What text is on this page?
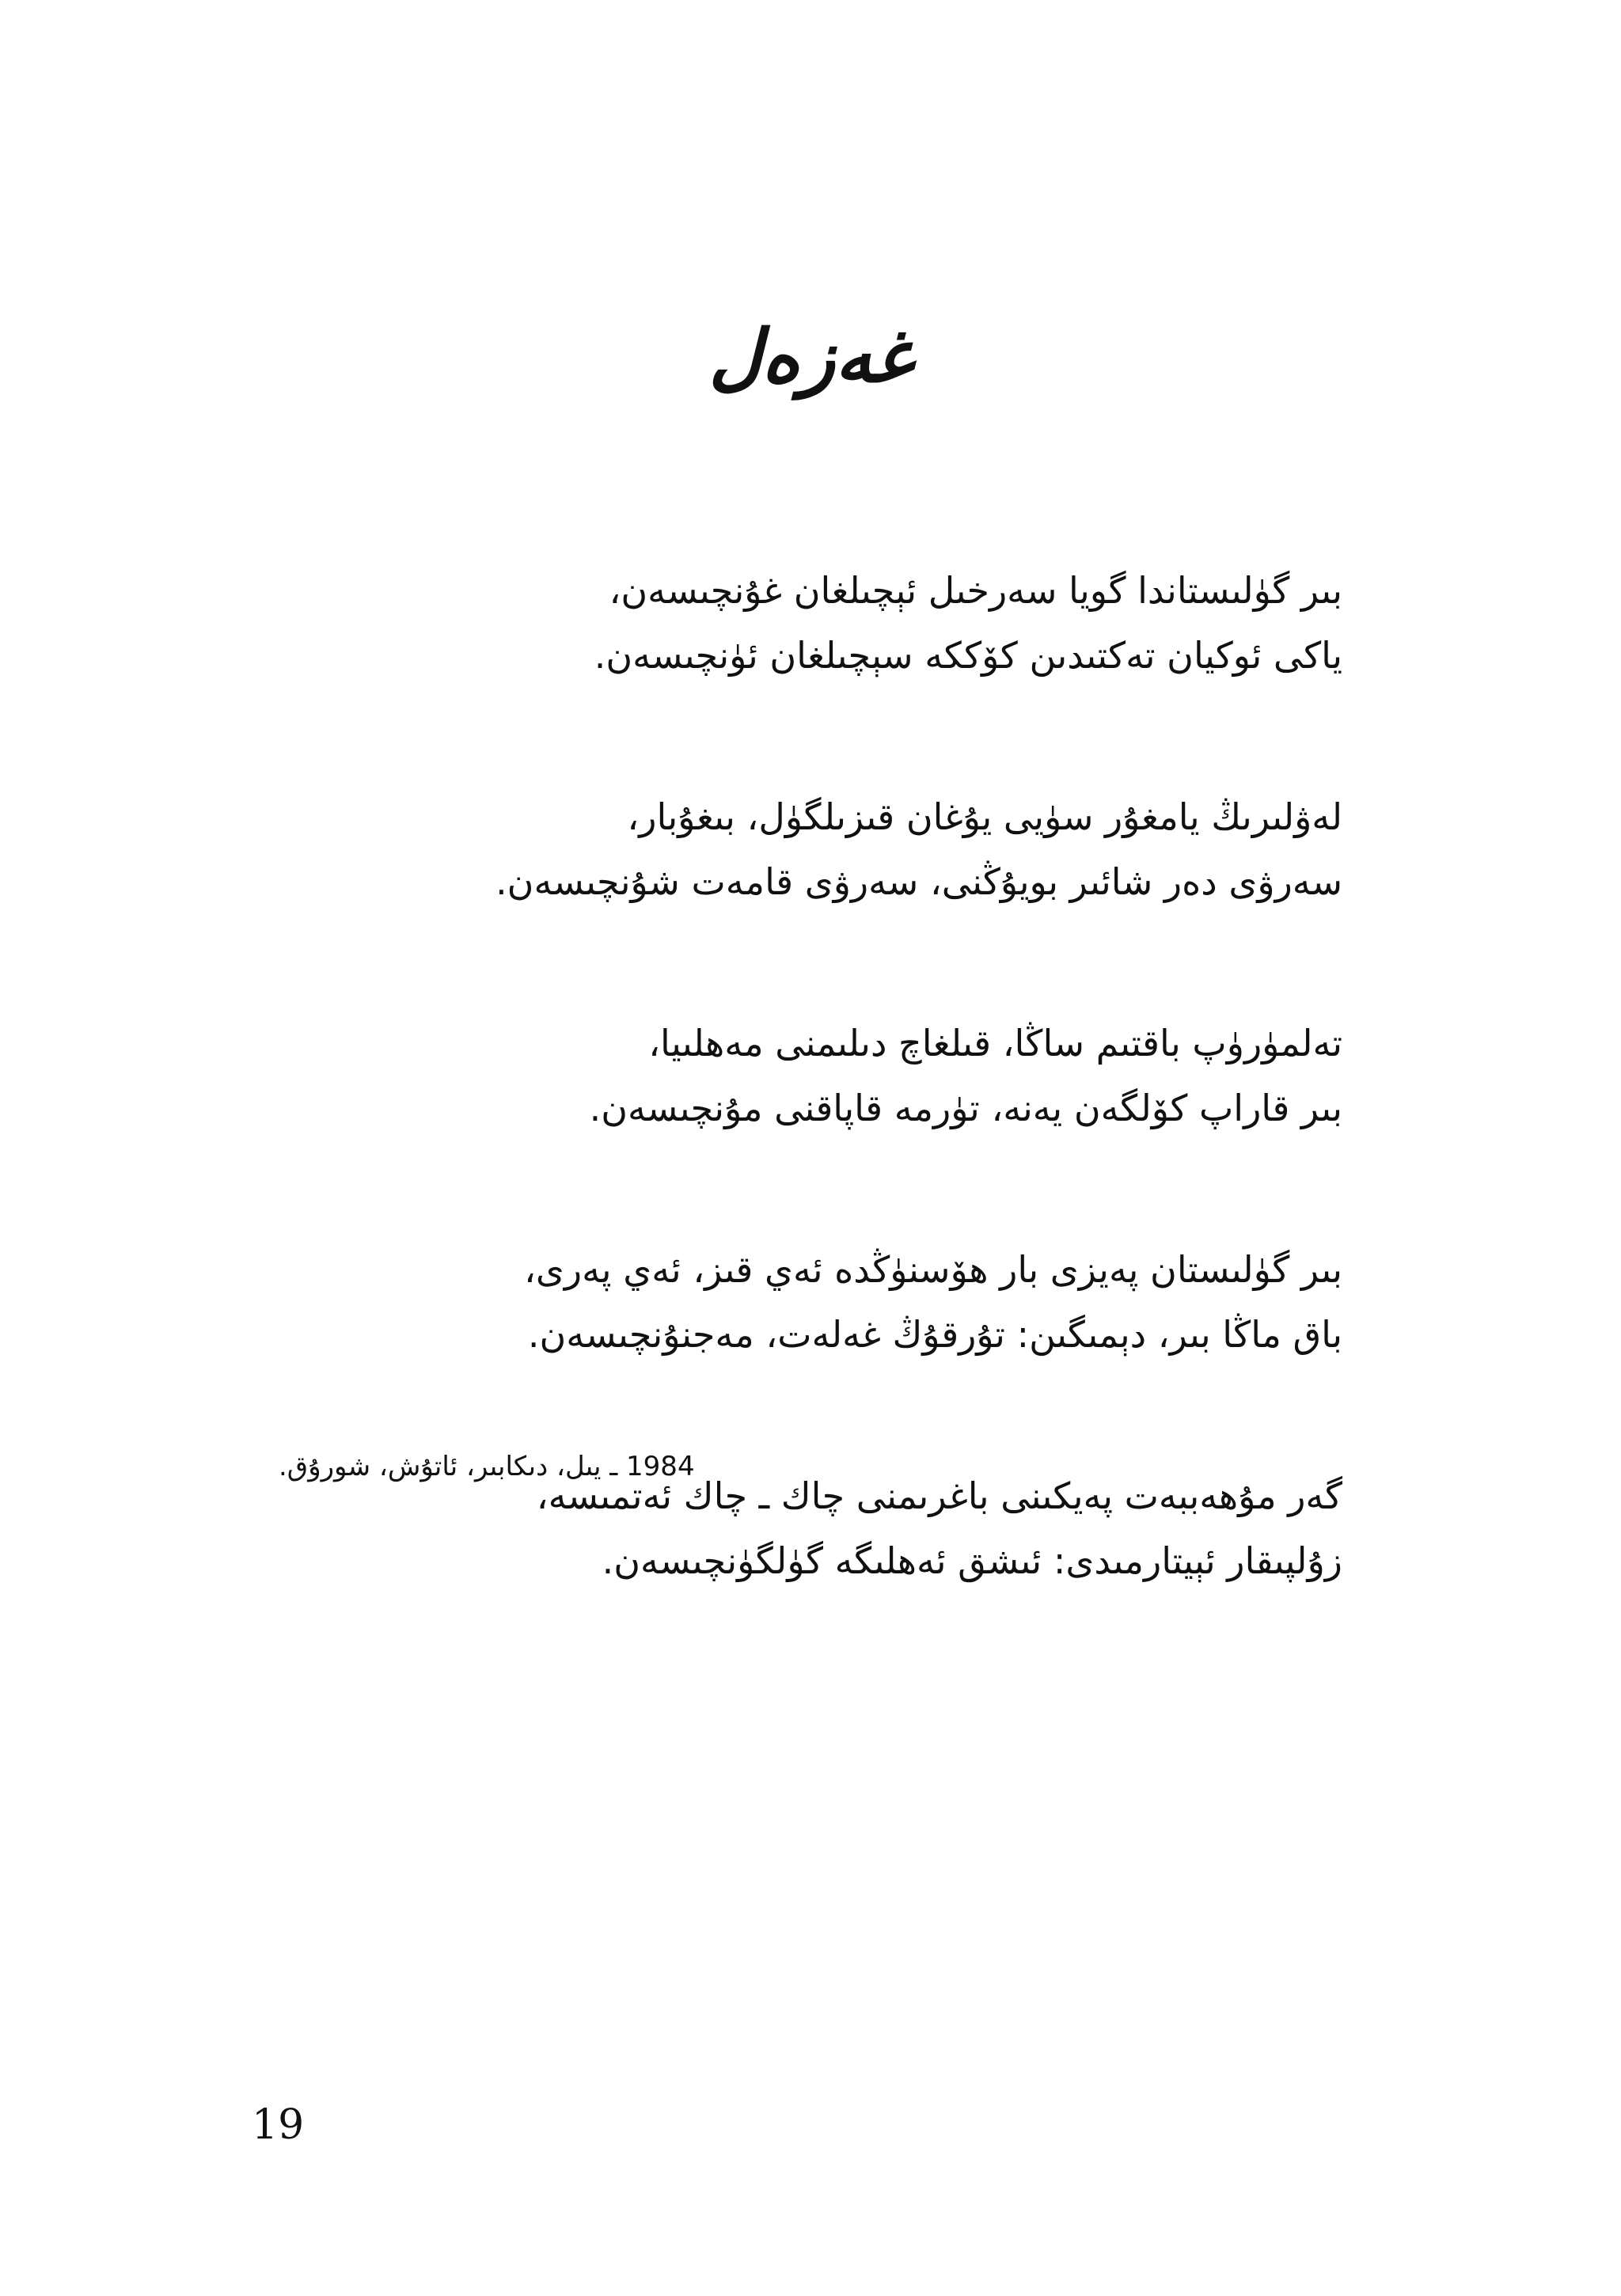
غەزەل
بىر گۈلىستاندا گويا سەرخىل ئېچىلغان غۇنچىسەن،
ياكى ئوكيان تەكتىدىن كۆككە سېچىلغان ئۈنچىسەن.
لەۋلىرىڭ يامغۇر سۈيى يۇغان قىزىلگۈل، بىغۇبار،
سەرۋى دەر شائىر بويۇڭنى، سەرۋى قامەت شۇنچىسەن.
تەلمۈرۈپ باقتىم ساڭا، قىلغاچ دىلىمنى مەھلىيا،
بىر قاراپ كۆلگەن يەنە، تۈرمە قاپاقنى مۇنچىسەن.
بىر گۈلىستان پەيزى بار ھۆسنۈڭدە ئەي قىز، ئەي پەرى،
باق ماڭا بىر، دېمىگىن: تۇرقۇڭ غەلەت، مەجنۇنچىسەن.
گەر مۇھەببەت پەيكىنى باغرىمنى چاك ـ چاك ئەتمىسە،
زۇلپىقار ئېيتارمىدى: ئىشق ئەھلىگە گۈلگۈنچىسەن.
1984 ـ يىل، دىكابىر، ئاتۇش، شورۇق.
19
